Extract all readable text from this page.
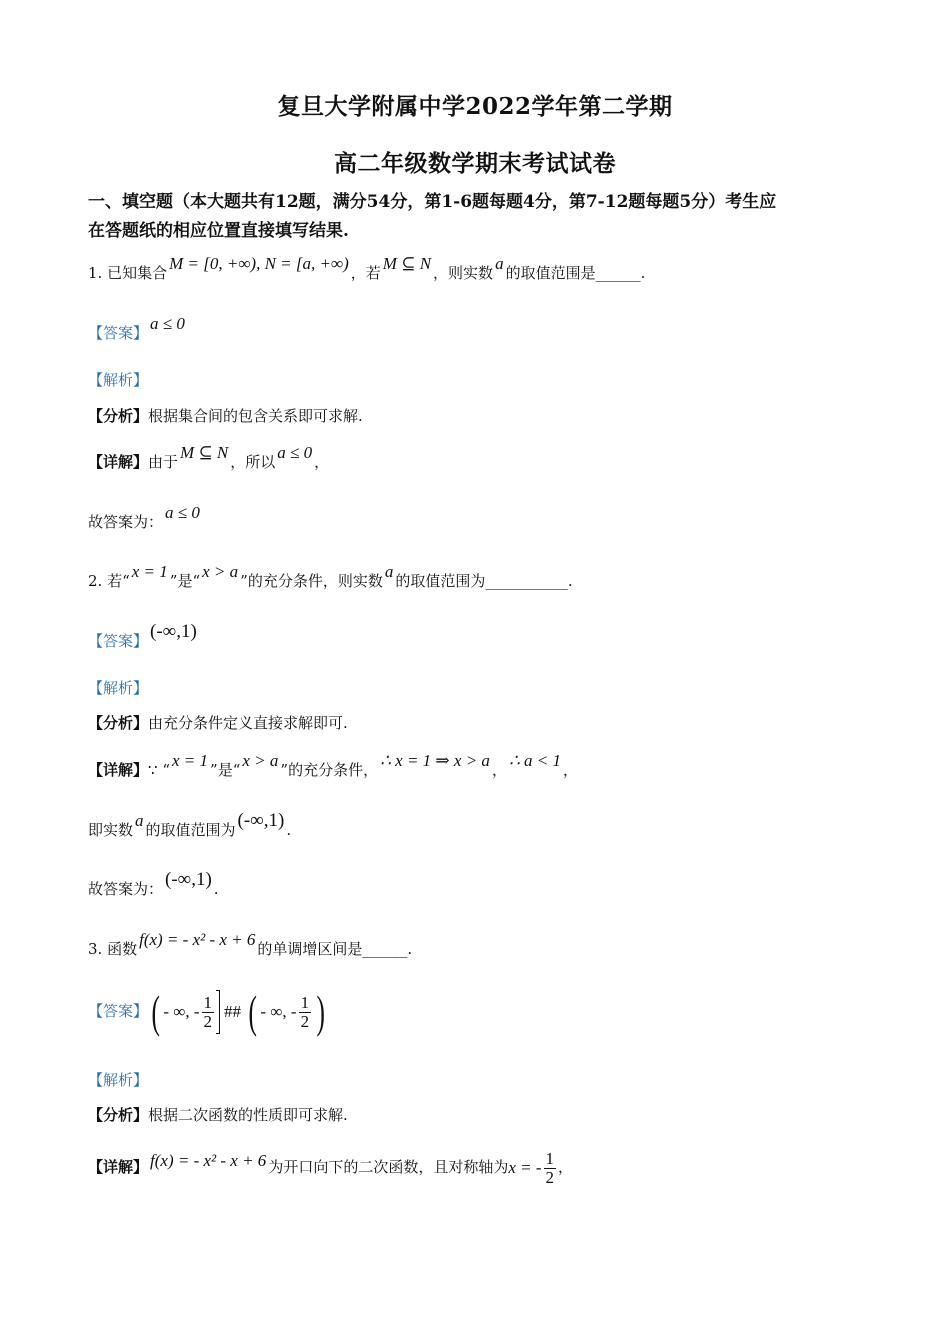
复旦大学附属中学2022学年第二学期
高二年级数学期末考试试卷
一、填空题（本大题共有12题，满分54分，第1-6题每题4分，第7-12题每题5分）考生应
在答题纸的相应位置直接填写结果.
1. 已知集合 M = [0, +∞), N = [a, +∞) ，若 M ⊆ N ，则实数 a 的取值范围是______.
【答案】 a ≤ 0
【解析】
【分析】根据集合间的包含关系即可求解.
【详解】由于 M ⊆ N ，所以 a ≤ 0 ，
故答案为： a ≤ 0
2. 若“ x = 1 ”是“ x > a ”的充分条件，则实数 a 的取值范围为___________.
【答案】 (-∞,1)
【解析】
【分析】由充分条件定义直接求解即可.
【详解】∵ “ x = 1 ”是“ x > a ”的充分条件， ∴ x = 1 ⇒ x > a ， ∴ a < 1 ，
即实数 a 的取值范围为 (-∞,1) .
故答案为： (-∞,1) .
3. 函数 f(x) = - x² - x + 6 的单调增区间是______.
【答案】( - ∞, - $\frac{1}{2}$ ## ( - ∞, - $\frac{1}{2}$ )
【解析】
【分析】根据二次函数的性质即可求解.
【详解】 f(x) = - x² - x + 6 为开口向下的二次函数，且对称轴为x = - $\frac{1}{2}$ ，
